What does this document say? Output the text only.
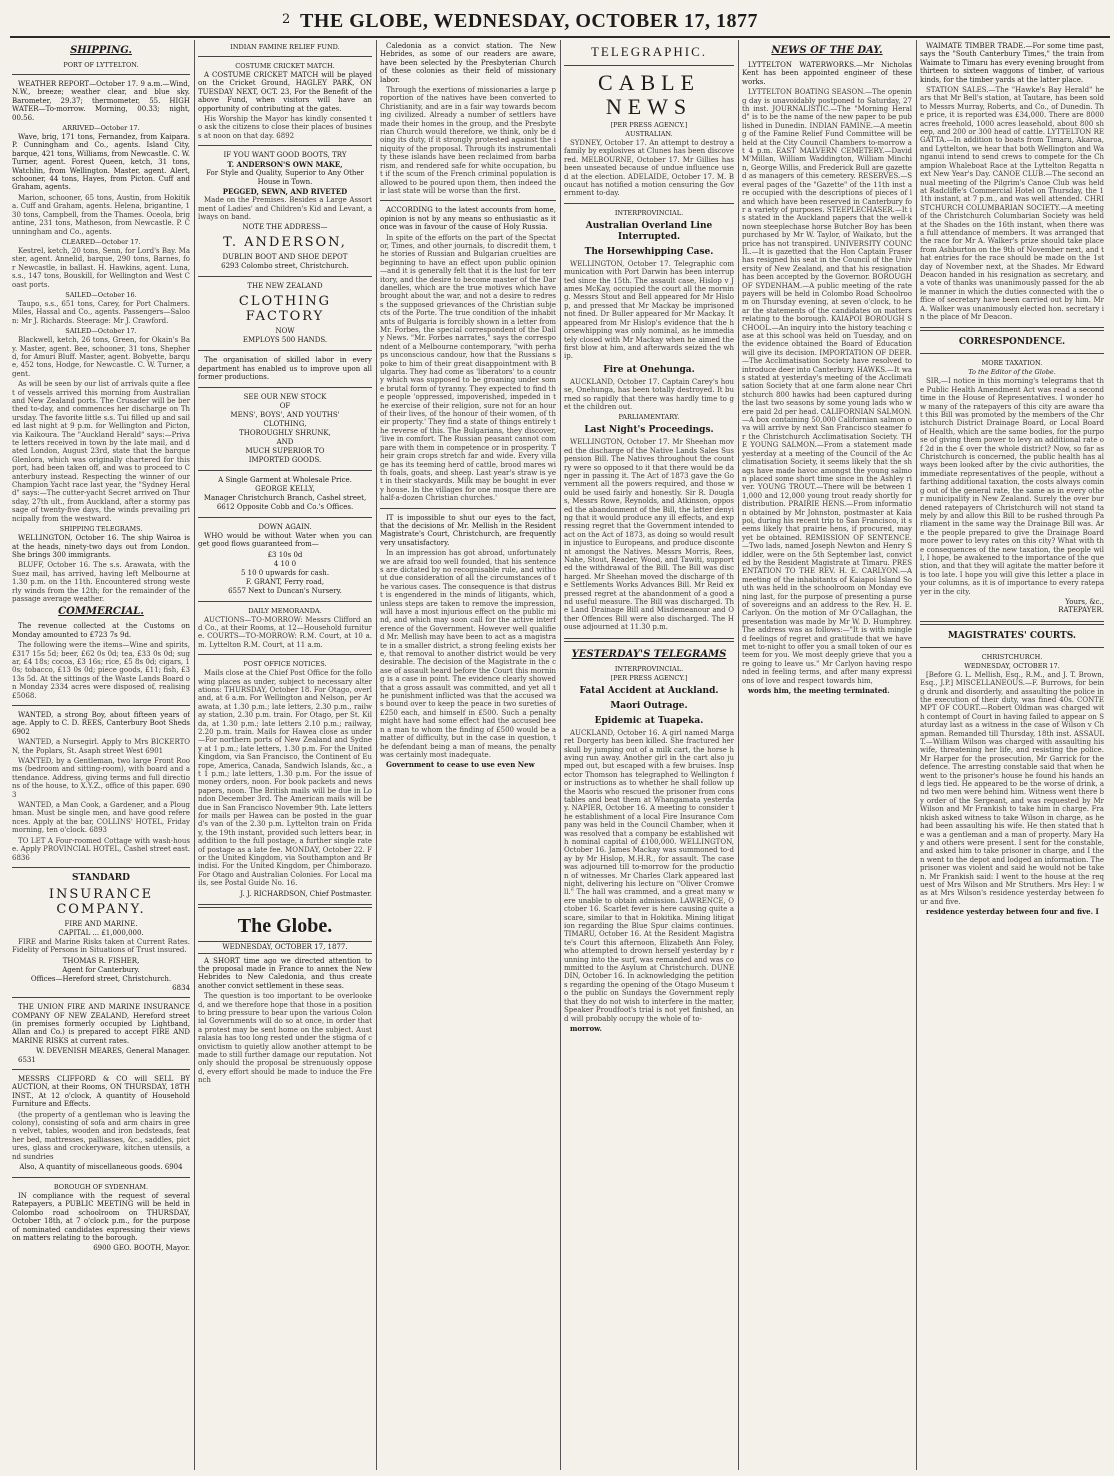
2 THE GLOBE, WEDNESDAY, OCTOBER 17, 1877
SHIPPING.
PORT OF LYTTELTON.
WEATHER REPORT—October 17. 9 a.m.—Wind, N.W., breeze; weather clear, and blue sky. Barometer, 29.37; thermometer, 55. HIGH WATER—To-morrow. Morning, 00.33; night, 00.56.
ARRIVED—October 17.
Wave, brig, 171 tons, Fernandez, from Kaipara. P. Cunningham and Co., agents. Island City, barque, 421 tons, Williams, from Newcastle. C. W. Turner, agent. Forest Queen, ketch, 31 tons, Watchlin, from Wellington. Master, agent. Alert, schooner, 44 tons, Hayes, from Picton. Cuff and Graham, agents.
Marion, schooner, 65 tons, Austin, from Hokitika. Cuff and Graham, agents. Helena, brigantine, 130 tons, Campbell, from the Thames. Oceola, brigantine, 231 tons, Matheson, from Newcastle. P. Cunningham and Co., agents.
CLEARED—October 17.
Kestrel, ketch, 20 tons, Senn, for Lord's Bay. Master, agent. Annelid, barque, 290 tons, Barnes, for Newcastle, in ballast. H. Hawkins, agent. Luna, s.s., 147 tons, Bouskill, for Wellington and West Coast ports.
SAILED—October 16.
Taupo, s.s., 651 tons, Carey, for Port Chalmers. Miles, Hassal and Co., agents. Passengers—Saloon: Mr J. Richards. Steerage: Mr J. Crawford.
SAILED—October 17.
Blackwell, ketch, 26 tons, Green, for Okain's Bay. Master, agent. Bee, schooner, 31 tons, Shepherd, for Amuri Bluff. Master, agent. Bobyette, barque, 452 tons, Hodge, for Newcastle. C. W. Turner, agent.
As will be seen by our list of arrivals quite a fleet of vessels arrived this morning from Australian and New Zealand ports. The Crusader will be berthed to-day, and commences her discharge on Thursday. The favorite little s.s. Tui filled up and sailed last night at 9 p.m. for Wellington and Picton, via Kaikoura. The "Auckland Herald" says:—Private letters received in town by the late mail, and dated London, August 23rd, state that the barque Glenlora, which was originally chartered for this port, had been taken off, and was to proceed to Canterbury instead. Respecting the winner of our Champion Yacht race last year, the "Sydney Herald" says:—The cutter-yacht Secret arrived on Thursday, 27th ult., from Auckland, after a stormy passage of twenty-five days, the winds prevailing principally from the westward.
SHIPPING TELEGRAMS.
WELLINGTON, October 16. The ship Wairoa is at the heads, ninety-two days out from London. She brings 300 immigrants.
BLUFF, October 16. The s.s. Arawata, with the Suez mail, has arrived, having left Melbourne at 1.30 p.m. on the 11th. Encountered strong westerly winds from the 12th; for the remainder of the passage average weather.
COMMERCIAL.
The revenue collected at the Customs on Monday amounted to £723 7s 9d.
The following were the items—Wine and spirits, £317 15s 5d; beer, £62 0s 0d; tea, £33 0s 0d; sugar, £4 18s; cocoa, £3 16s; rice, £5 8s 0d; cigars, 10s; tobacco, £13 0s 0d; piece goods, £11; fish, £3 13s 5d. At the sittings of the Waste Lands Board on Monday 2334 acres were disposed of, realising £5068.
WANTED, a strong Boy, about fifteen years of age. Apply to C. D. REES, Canterbury Boot Sheds 6902
WANTED, a Nursegirl. Apply to Mrs BICKERTON, the Poplars, St. Asaph street West 6901
WANTED, by a Gentleman, two large Front Rooms (bedroom and sitting-room), with board and attendance. Address, giving terms and full directions of the house, to X.Y.Z., office of this paper. 6903
WANTED, a Man Cook, a Gardener, and a Ploughman. Must be single men, and have good references. Apply at the bar, COLLINS' HOTEL, Friday morning, ten o'clock. 6893
TO LET A Four-roomed Cottage with wash-house. Apply PROVINCIAL HOTEL, Cashel street east. 6836
STANDARD
INSURANCE COMPANY.
FIRE AND MARINE.
CAPITAL ... £1,000,000.
FIRE and Marine Risks taken at Current Rates. Fidelity of Persons in Situations of Trust insured.
THOMAS R. FISHER,
Agent for Canterbury.
Offices—Hereford street, Christchurch.
6834
THE UNION FIRE AND MARINE INSURANCE COMPANY OF NEW ZEALAND, Hereford street (in premises formerly occupied by Lightband, Allan and Co.) is prepared to accept FIRE AND MARINE RISKS at current rates.
W. DEVENISH MEARES, General Manager.
6531
MESSRS CLIFFORD & CO will SELL BY AUCTION, at their Rooms, ON THURSDAY, 18TH INST., At 12 o'clock, A quantity of Household Furniture and Effects.
(the property of a gentleman who is leaving the colony), consisting of sofa and arm chairs in green velvet, tables, wooden and iron bedsteads, feather bed, mattresses, palliasses, &c., saddles, pictures, glass and crockeryware, kitchen utensils, and sundries
Also, A quantity of miscellaneous goods. 6904
BOROUGH OF SYDENHAM.
IN compliance with the request of several Ratepayers, a PUBLIC MEETING will be held in Colombo road schoolroom on THURSDAY, October 18th, at 7 o'clock p.m., for the purpose of nominated candidates expressing their views on matters relating to the borough.
6900 GEO. BOOTH, Mayor.
INDIAN FAMINE RELIEF FUND.
COSTUME CRICKET MATCH.
A COSTUME CRICKET MATCH will be played on the Cricket Ground, HAGLEY PARK, ON TUESDAY NEXT, OCT. 23, For the Benefit of the above Fund, when visitors will have an opportunity of contributing at the gates.
His Worship the Mayor has kindly consented to ask the citizens to close their places of business at noon on that day. 6892
IF YOU WANT GOOD BOOTS, TRY
T. ANDERSON'S OWN MAKE,
For Style and Quality, Superior to Any Other House in Town.
PEGGED, SEWN, AND RIVETED
Made on the Premises. Besides a Large Assortment of Ladies' and Children's Kid and Levant, always on band.
NOTE THE ADDRESS—
T. ANDERSON,
DUBLIN BOOT AND SHOE DEPOT
6293 Colombo street, Christchurch.
THE NEW ZEALAND
CLOTHING FACTORY
NOW
EMPLOYS 500 HANDS.
The organisation of skilled labor in every department has enabled us to improve upon all former productions.
SEE OUR NEW STOCK
OF
MENS', BOYS', AND YOUTHS'
CLOTHING,
THOROUGHLY SHRUNK,
AND
MUCH SUPERIOR TO
IMPORTED GOODS.
A Single Garment at Wholesale Price.
GEORGE KELLY,
Manager Christchurch Branch, Cashel street,
6612 Opposite Cobb and Co.'s Offices.
DOWN AGAIN.
WHO would be without Water when you can get good flows guaranteed from—
£3 10s 0d
4 10 0
5 10 0 upwards for cash.
F. GRANT, Ferry road,
6557 Next to Duncan's Nursery.
DAILY MEMORANDA.
AUCTIONS—TO-MORROW: Messrs Clifford and Co., at their Rooms, at 12—Household furniture. COURTS—TO-MORROW: R.M. Court, at 10 a.m. Lyttelton R.M. Court, at 11 a.m.
POST OFFICE NOTICES.
Mails close at the Chief Post Office for the following places as under, subject to necessary alterations: THURSDAY, October 18. For Otago, overland, at 6 a.m. For Wellington and Nelson, per Arawata, at 1.30 p.m.; late letters, 2.30 p.m., railway station, 2.30 p.m. train. For Otago, per St. Kilda, at 1.30 p.m.; late letters 2.10 p.m.; railway, 2.20 p.m. train. Mails for Hawea close as under—For northern ports of New Zealand and Sydney at 1 p.m.; late letters, 1.30 p.m. For the United Kingdom, via San Francisco, the Continent of Europe, America, Canada, Sandwich Islands, &c., at 1 p.m.; late letters, 1.30 p.m. For the issue of money orders, noon. For book packets and newspapers, noon. The British mails will be due in London December 3rd. The American mails will be due in San Francisco November 9th. Late letters for mails per Hawea can be posted in the guard's van of the 2.30 p.m. Lyttelton train on Friday, the 19th instant, provided such letters bear, in addition to the full postage, a further single rate of postage as a late fee. MONDAY, October 22. For the United Kingdom, via Southampton and Brindisi. For the United Kingdom, per Chimborazo. For Otago and Australian Colonies. For Local mails, see Postal Guide No. 16.
J. J. RICHARDSON, Chief Postmaster.
The Globe.
WEDNESDAY, OCTOBER 17, 1877.
A SHORT time ago we directed attention to the proposal made in France to annex the New Hebrides to New Caledonia, and thus create another convict settlement in these seas.
The question is too important to be overlooked, and we therefore hope that those in a position to bring pressure to bear upon the various Colonial Governments will do so at once, in order that a protest may be sent home on the subject. Australasia has too long rested under the stigma of convictism to quietly allow another attempt to be made to still further damage our reputation. Not only should the proposal be strenuously opposed, every effort should be made to induce the French
Caledonia as a convict station. The New Hebrides, as some of our readers are aware, have been selected by the Presbyterian Church of these colonies as their field of missionary labor.
Through the exertions of missionaries a large proportion of the natives have been converted to Christianity, and are in a fair way towards becoming civilized. Already a number of settlers have made their homes in the group, and the Presbyterian Church would therefore, we think, only be doing its duty, if it strongly protested against the iniquity of the proposal. Through its instrumentality these islands have been reclaimed from barbarism, and rendered safe for white occupation, but if the scum of the French criminal population is allowed to be poured upon them, then indeed their last state will be worse than the first.
ACCORDING to the latest accounts from home, opinion is not by any means so enthusiastic as it once was in favour of the cause of Holy Russia.
In spite of the efforts on the part of the Spectator, Times, and other journals, to discredit them, the stories of Russian and Bulgarian cruelties are beginning to have an effect upon public opinion—and it is generally felt that it is the lust for territory, and the desire to become master of the Dardanelles, which are the true motives which have brought about the war, and not a desire to redress the supposed grievances of the Christian subjects of the Porte. The true condition of the inhabitants of Bulgaria is forcibly shown in a letter from Mr. Forbes, the special correspondent of the Daily News. "Mr. Forbes narrates," says the correspondent of a Melbourne contemporary, "with perhaps unconscious candour, how that the Russians spoke to him of their great disappointment with Bulgaria. They had come as 'liberators' to a country which was supposed to be groaning under some brutal form of tyranny. They expected to find the people 'oppressed, impoverished, impeded in the exercise of their religion, sure not for an hour of their lives, of the honour of their women, of their property.' They find a state of things entirely the reverse of this. The Bulgarians, they discover, 'live in comfort. The Russian peasant cannot compare with them in competence or in prosperity. Their grain crops stretch far and wide. Every village has its teeming herd of cattle, brood mares with foals, goats, and sheep. Last year's straw is yet in their stackyards. Milk may be bought in every house. In the villages for one mosque there are half-a-dozen Christian churches.'
IT is impossible to shut our eyes to the fact, that the decisions of Mr. Mellish in the Resident Magistrate's Court, Christchurch, are frequently very unsatisfactory.
In an impression has got abroad, unfortunately we are afraid too well founded, that his sentences are dictated by no recognisable rule, and without due consideration of all the circumstances of the various cases. The consequence is that distrust is engendered in the minds of litigants, which, unless steps are taken to remove the impression, will have a most injurious effect on the public mind, and which may soon call for the active interference of the Government. However well qualified Mr. Mellish may have been to act as a magistrate in a smaller district, a strong feeling exists here, that removal to another district would be very desirable. The decision of the Magistrate in the case of assault heard before the Court this morning is a case in point. The evidence clearly showed that a gross assault was committed, and yet all the punishment inflicted was that the accused was bound over to keep the peace in two sureties of £250 each, and himself in £500. Such a penalty might have had some effect had the accused been a man to whom the finding of £500 would be a matter of difficulty, but in the case in question, the defendant being a man of means, the penalty was certainly most inadequate.
Government to cease to use even New
TELEGRAPHIC.
CABLE NEWS
[PER PRESS AGENCY.]
AUSTRALIAN.
SYDNEY, October 17. An attempt to destroy a family by explosives at Clunes has been discovered. MELBOURNE, October 17. Mr Gillies has been unseated because of undue influence used at the election. ADELAIDE, October 17. M. Boucaut has notified a motion censuring the Government to-day.
INTERPROVINCIAL.
Australian Overland Line Interrupted.
The Horsewhipping Case.
WELLINGTON, October 17. Telegraphic communication with Port Darwin has been interrupted since the 15th. The assault case, Hislop v James McKay, occupied the court all the morning. Messrs Stout and Bell appeared for Mr Hislop, and pressed that Mr Mackay be imprisoned not fined. Dr Buller appeared for Mr Mackay. It appeared from Mr Hislop's evidence that the horsewhipping was only nominal, as he immediately closed with Mr Mackay when he aimed the first blow at him, and afterwards seized the whip.
Fire at Onehunga.
AUCKLAND, October 17. Captain Carey's house, Onehunga, has been totally destroyed. It burned so rapidly that there was hardly time to get the children out.
PARLIAMENTARY.
Last Night's Proceedings.
WELLINGTON, October 17. Mr Sheehan moved the discharge of the Native Lands Sales Suspension Bill. The Natives throughout the country were so opposed to it that there would be danger in passing it. The Act of 1873 gave the Government all the powers required, and those would be used fairly and honestly. Sir R. Douglas, Messrs Rowe, Reynolds, and Atkinson, opposed the abandonment of the Bill, the latter denying that it would produce any ill effects, and expressing regret that the Government intended to act on the Act of 1873, as doing so would result in injustice to Europeans, and produce discontent amongst the Natives. Messrs Morris, Rees, Nahe, Stout, Reader, Wood, and Tawiti, supported the withdrawal of the Bill. The Bill was discharged. Mr Sheehan moved the discharge of the Settlements Works Advances Bill. Mr Reid expressed regret at the abandonment of a good and useful measure. The Bill was discharged. The Land Drainage Bill and Misdemeanour and Other Offences Bill were also discharged. The House adjourned at 11.30 p.m.
YESTERDAY'S TELEGRAMS
INTERPROVINCIAL.
[PER PRESS AGENCY.]
Fatal Accident at Auckland.
Maori Outrage.
Epidemic at Tuapeka.
AUCKLAND, October 16. A girl named Margaret Dorgerty has been killed. She fractured her skull by jumping out of a milk cart, the horse having run away. Another girl in the cart also jumped out, but escaped with a few bruises. Inspector Thomson has telegraphed to Wellington for instructions as to whether he shall follow up the Maoris who rescued the prisoner from constables and beat them at Whangamata yesterday. NAPIER, October 16. A meeting to consider the establishment of a local Fire Insurance Company was held in the Council Chamber, when it was resolved that a company be established with nominal capital of £100,000. WELLINGTON, October 16. James Mackay was summoned to-day by Mr Hislop, M.H.R., for assault. The case was adjourned till to-morrow for the production of witnesses. Mr Charles Clark appeared last night, delivering his lecture on "Oliver Cromwell." The hall was crammed, and a great many were unable to obtain admission. LAWRENCE, October 16. Scarlet fever is here causing quite a scare, similar to that in Hokitika. Mining litigation regarding the Blue Spur claims continues. TIMARU, October 16. At the Resident Magistrate's Court this afternoon, Elizabeth Ann Foley, who attempted to drown herself yesterday by running into the surf, was remanded and was committed to the Asylum at Christchurch. DUNEDIN, October 16. In acknowledging the petitions regarding the opening of the Otago Museum to the public on Sundays the Government reply that they do not wish to interfere in the matter, Speaker Proudfoot's trial is not yet finished, and will probably occupy the whole of to-
morrow.
NEWS OF THE DAY.
LYTTELTON WATERWORKS.—Mr Nicholas Kent has been appointed engineer of these works.
LYTTELTON BOATING SEASON.—The opening day is unavoidably postponed to Saturday, 27th inst. JOURNALISTIC.—The "Morning Herald" is to be the name of the new paper to be published in Dunedin. INDIAN FAMINE.—A meeting of the Famine Relief Fund Committee will be held at the City Council Chambers to-morrow at 4 p.m. EAST MALVERN CEMETERY.—David M'Millan, William Waddington, William Minchin, George Willis, and Frederick Bull are gazetted as managers of this cemetery. RESERVES.—Several pages of the "Gazette" of the 11th inst are occupied with the descriptions of pieces of land which have been reserved in Canterbury for a variety of purposes. STEEPLECHASER.—It is stated in the Auckland papers that the well-known steeplechase horse Butcher Boy has been purchased by Mr W. Taylor, of Waikato, but the price has not transpired. UNIVERSITY COUNCIL.—It is gazetted that the Hon Captain Fraser has resigned his seat in the Council of the University of New Zealand, and that his resignation has been accepted by the Governor. BOROUGH OF SYDENHAM.—A public meeting of the ratepayers will be held in Colombo Road Schoolroom on Thursday evening, at seven o'clock, to hear the statements of the candidates on matters relating to the borough. KAIAPOI BOROUGH SCHOOL.—An inquiry into the history teaching case at this school was held on Tuesday, and on the evidence obtained the Board of Education will give its decision. IMPORTATION OF DEER.—The Acclimatisation Society have resolved to introduce deer into Canterbury. HAWKS.—It was stated at yesterday's meeting of the Acclimatisation Society that at one farm alone near Christchurch 800 hawks had been captured during the last two seasons by some young lads who were paid 2d per head. CALIFORNIAN SALMON.—A box containing 50,000 Californian salmon ova will arrive by next San Francisco steamer for the Christchurch Acclimatisation Society. THE YOUNG SALMON.—From a statement made yesterday at a meeting of the Council of the Acclimatisation Society, it seems likely that the shags have made havoc amongst the young salmon placed some short time since in the Ashley river. YOUNG TROUT.—There will be between 11,000 and 12,000 young trout ready shortly for distribution. PRAIRIE HENS.—From information obtained by Mr Johnston, postmaster at Kaiapoi, during his recent trip to San Francisco, it seems likely that prairie hens, if procured, may yet be obtained. REMISSION OF SENTENCE.—Two lads, named Joseph Newton and Henry Siddler, were on the 5th September last, convicted by the Resident Magistrate at Timaru. PRESENTATION TO THE REV. H. E. CARLYON.—A meeting of the inhabitants of Kaiapoi Island South was held in the schoolroom on Monday evening last, for the purpose of presenting a purse of sovereigns and an address to the Rev. H. E. Carlyon. On the motion of Mr O'Callaghan, the presentation was made by Mr W. D. Humphrey. The address was as follows:—"It is with mingled feelings of regret and gratitude that we have met to-night to offer you a small token of our esteem for you. We most deeply grieve that you are going to leave us." Mr Carlyon having responded in feeling terms, and after many expressions of love and respect towards him,
words him, the meeting terminated.
WAIMATE TIMBER TRADE.—For some time past, says the "South Canterbury Times," the train from Waimate to Timaru has every evening brought from thirteen to sixteen waggons of timber, of various kinds, for the timber yards at the latter place.
STATION SALES.—The "Hawke's Bay Herald" hears that Mr Bell's station, at Tautare, has been sold to Messrs Murray, Roberts, and Co., of Dunedin. The price, it is reported was £34,000. There are 8000 acres freehold, 1000 acres leasehold, about 800 sheep, and 200 or 300 head of cattle. LYTTELTON REGATTA.—In addition to boats from Timaru, Akaroa, and Lyttelton, we hear that both Wellington and Wanganui intend to send crews to compete for the Champion Whaleboat Race at the Lyttelton Regatta next New Year's Day. CANOE CLUB.—The second annual meeting of the Pilgrim's Canoe Club was held at Radcliffe's Commercial Hotel on Thursday, the 11th instant, at 7 p.m., and was well attended. CHRISTCHURCH COLUMBARIAN SOCIETY.—A meeting of the Christchurch Columbarian Society was held at the Shades on the 16th instant, when there was a full attendance of members. It was arranged that the race for Mr A. Walker's prize should take place from Ashburton on the 9th of November next, and that entries for the race should be made on the 1st day of November next, at the Shades. Mr Edward Deacon handed in his resignation as secretary, and a vote of thanks was unanimously passed for the able manner in which the duties connected with the office of secretary have been carried out by him. Mr A. Walker was unanimously elected hon. secretary in the place of Mr Deacon.
CORRESPONDENCE.
MORE TAXATION.
To the Editor of the Globe.
SIR,—I notice in this morning's telegrams that the Public Health Amendment Act was read a second time in the House of Representatives. I wonder how many of the ratepayers of this city are aware that this Bill was promoted by the members of the Christchurch District Drainage Board, or Local Board of Health, which are the same bodies, for the purpose of giving them power to levy an additional rate of 2d in the £ over the whole district? Now, so far as Christchurch is concerned, the public health has always been looked after by the civic authorities, the immediate representatives of the people, without a farthing additional taxation, the costs always coming out of the general rate, the same as in every other municipality in New Zealand. Surely the over burdened ratepayers of Christchurch will not stand tamely by and allow this Bill to be rushed through Parliament in the same way the Drainage Bill was. Are the people prepared to give the Drainage Board more power to levy rates on this city? What with the consequences of the new taxation, the people will, I hope, be awakened to the importance of the question, and that they will agitate the matter before it is too late. I hope you will give this letter a place in your columns, as it is of importance to every ratepayer in the city.
Yours, &c.,
RATEPAYER.
MAGISTRATES' COURTS.
CHRISTCHURCH.
WEDNESDAY, OCTOBER 17.
[Before G. L. Mellish, Esq., R.M., and J. T. Brown, Esq., J.P.] MISCELLANEOUS.—F. Burrows, for being drunk and disorderly, and assaulting the police in the execution of their duty, was fined 40s. CONTEMPT OF COURT.—Robert Oldman was charged with contempt of Court in having failed to appear on Saturday last as a witness in the case of Wilson v Chapman. Remanded till Thursday, 18th inst. ASSAULT.—William Wilson was charged with assaulting his wife, threatening her life, and resisting the police. Mr Harper for the prosecution, Mr Garrick for the defence. The arresting constable said that when he went to the prisoner's house he found his hands and legs tied. He appeared to be the worse of drink, and two men were behind him. Witness went there by order of the Sergeant, and was requested by Mr Wilson and Mr Frankish to take him in charge. Frankish asked witness to take Wilson in charge, as he had been assaulting his wife. He then stated that he was a gentleman and a man of property. Mary Hay and others were present. I sent for the constable, and asked him to take prisoner in charge, and I then went to the depot and lodged an information. The prisoner was violent and said he would not be taken. Mr Frankish said: I went to the house at the request of Mrs Wilson and Mr Struthers. Mrs Hey: I was at Mrs Wilson's residence yesterday between four and five.
residence yesterday between four and five. I
